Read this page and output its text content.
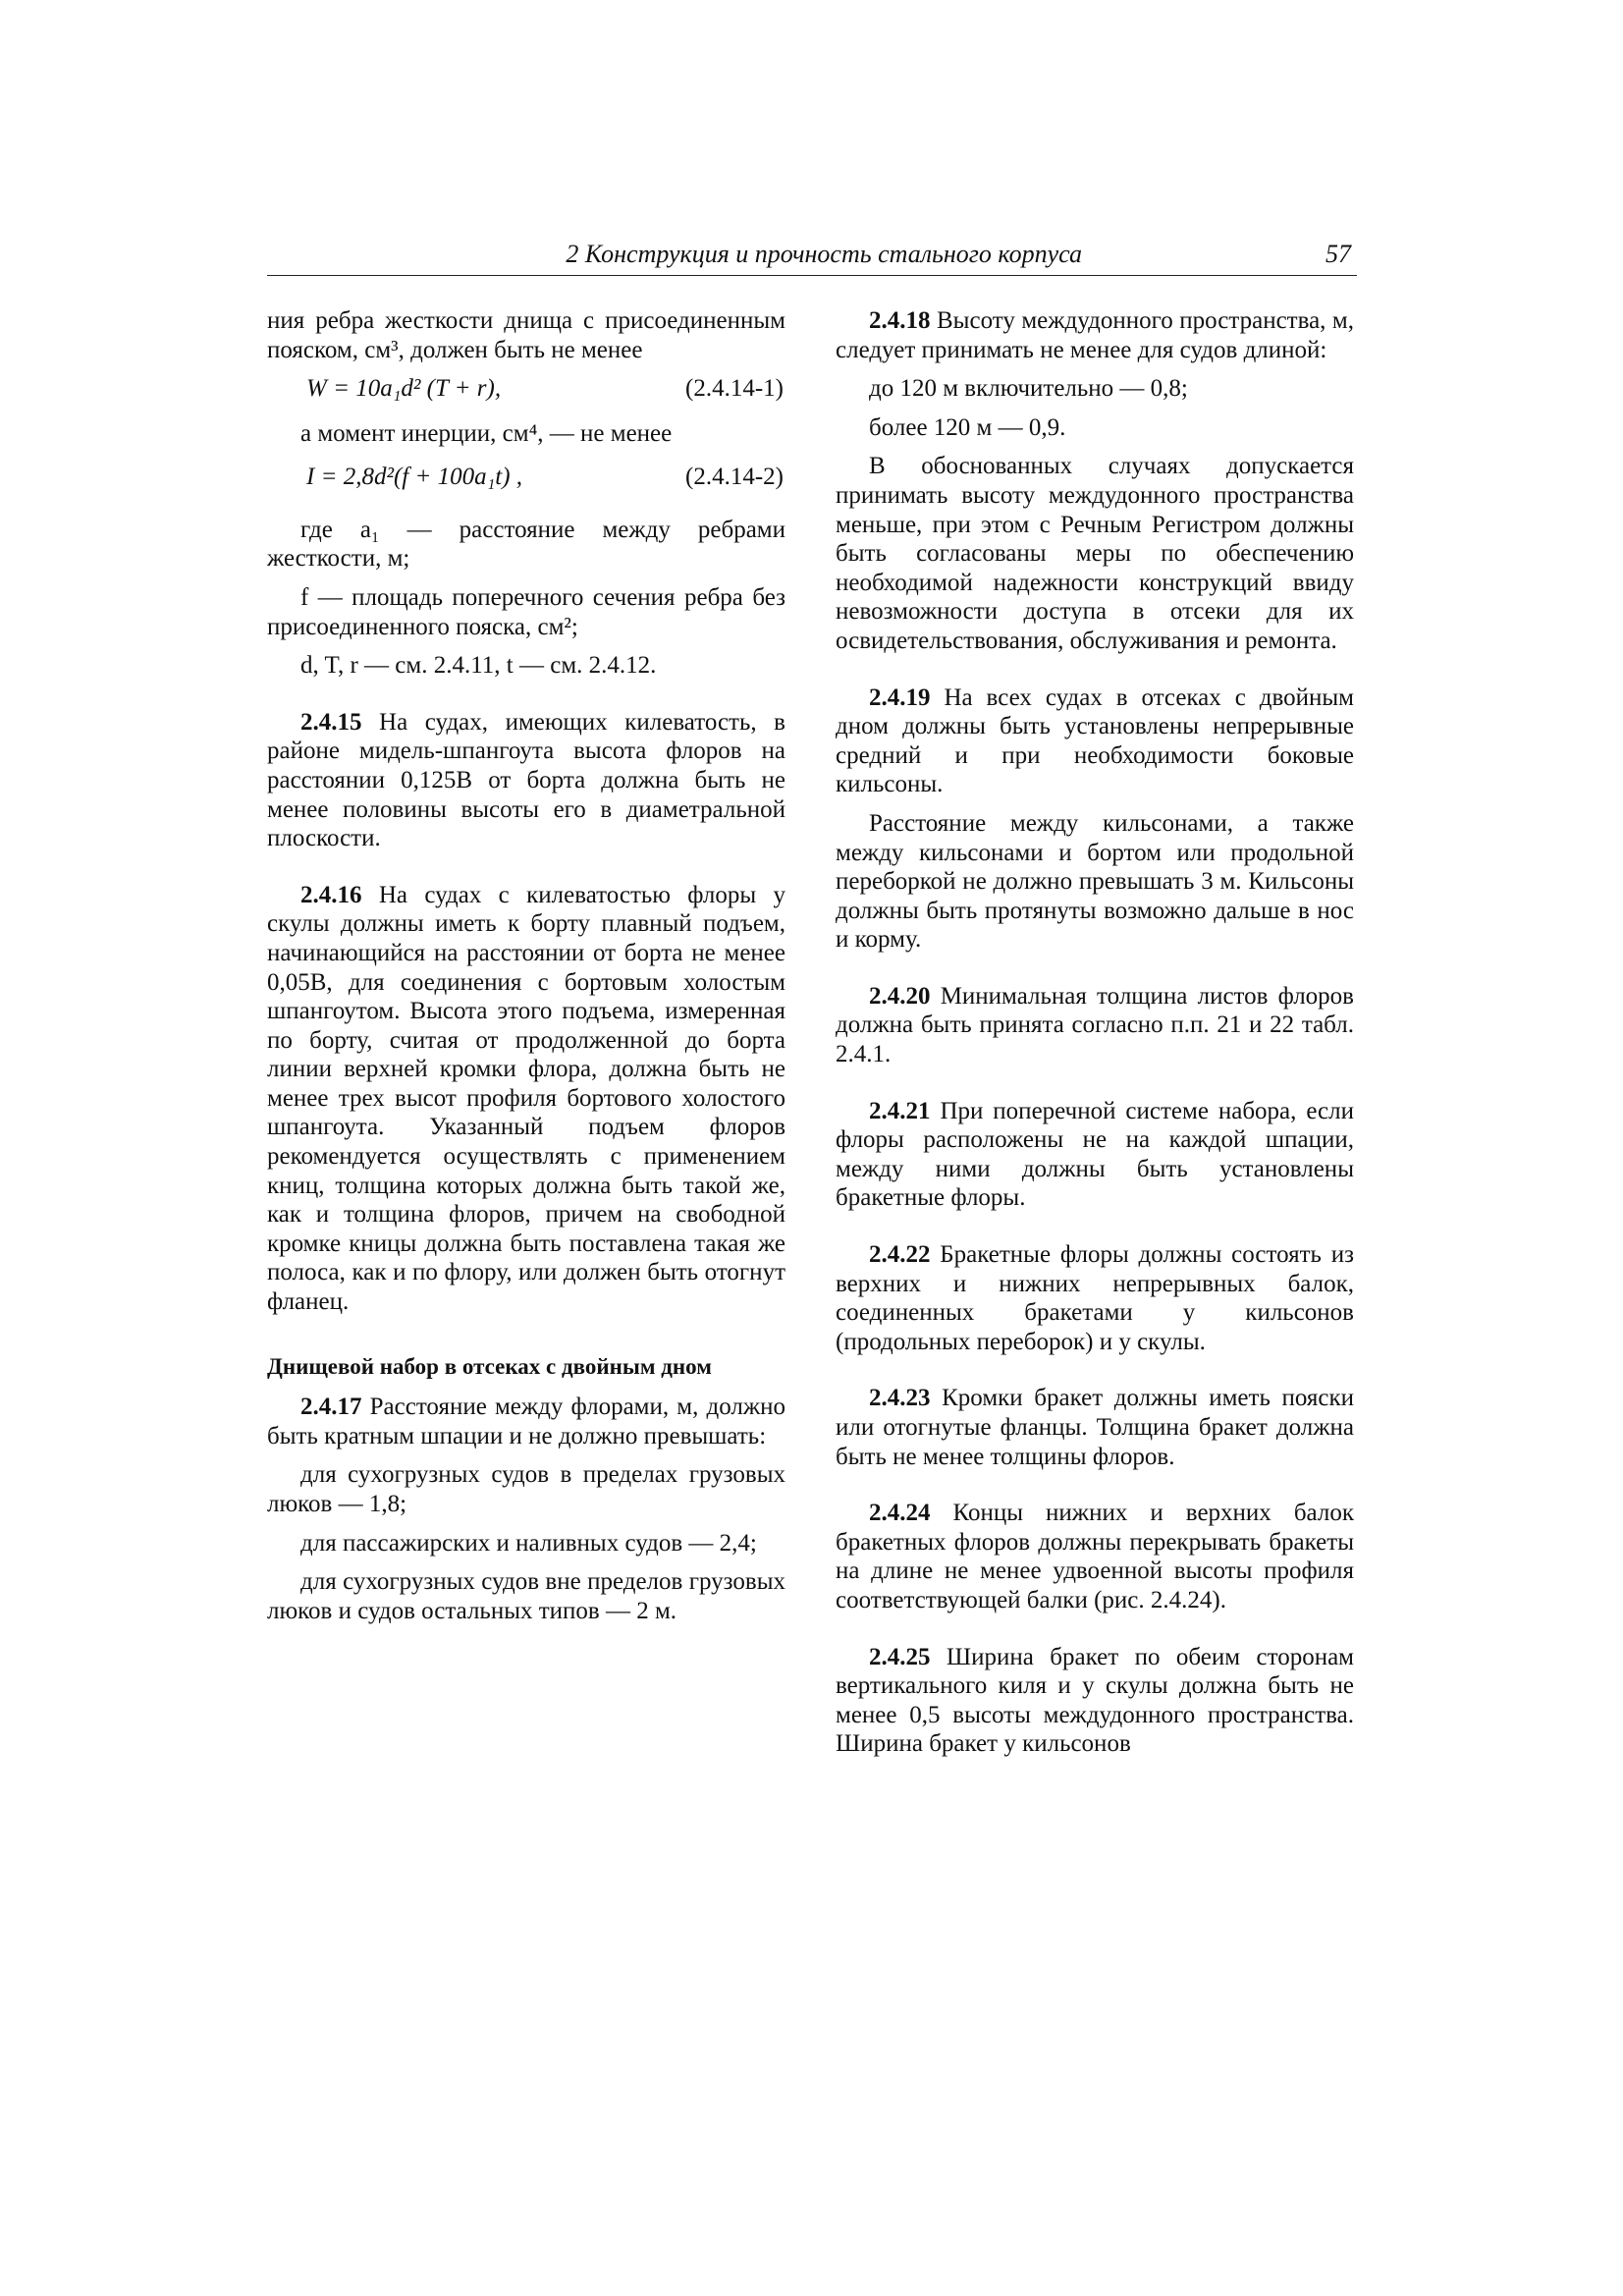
2 Конструкция и прочность стального корпуса	57

ния ребра жесткости днища с присоединенным пояском, см³, должен быть не менее

W = 10a₁d² (T + r),	(2.4.14-1)

а момент инерции, см⁴, — не менее

I = 2,8d²(f + 100a₁t) ,	(2.4.14-2)

где a₁ — расстояние между ребрами жесткости, м;

f — площадь поперечного сечения ребра без присоединенного пояска, см²;

d, T, r — см. 2.4.11, t — см. 2.4.12.

2.4.15 На судах, имеющих килеватость, в районе мидель-шпангоута высота флоров на расстоянии 0,125B от борта должна быть не менее половины высоты его в диаметральной плоскости.

2.4.16 На судах с килеватостью флоры у скулы должны иметь к борту плавный подъем, начинающийся на расстоянии от борта не менее 0,05B, для соединения с бортовым холостым шпангоутом. Высота этого подъема, измеренная по борту, считая от продолженной до борта линии верхней кромки флора, должна быть не менее трех высот профиля бортового холостого шпангоута. Указанный подъем флоров рекомендуется осуществлять с применением книц, толщина которых должна быть такой же, как и толщина флоров, причем на свободной кромке кницы должна быть поставлена такая же полоса, как и по флору, или должен быть отогнут фланец.

Днищевой набор в отсеках с двойным дном

2.4.17 Расстояние между флорами, м, должно быть кратным шпации и не должно превышать:

для сухогрузных судов в пределах грузовых люков — 1,8;

для пассажирских и наливных судов — 2,4;

для сухогрузных судов вне пределов грузовых люков и судов остальных типов — 2 м.

2.4.18 Высоту междудонного пространства, м, следует принимать не менее для судов длиной:

до 120 м включительно — 0,8;

более 120 м — 0,9.

В обоснованных случаях допускается принимать высоту междудонного пространства меньше, при этом с Речным Регистром должны быть согласованы меры по обеспечению необходимой надежности конструкций ввиду невозможности доступа в отсеки для их освидетельствования, обслуживания и ремонта.

2.4.19 На всех судах в отсеках с двойным дном должны быть установлены непрерывные средний и при необходимости боковые кильсоны.

Расстояние между кильсонами, а также между кильсонами и бортом или продольной переборкой не должно превышать 3 м. Кильсоны должны быть протянуты возможно дальше в нос и корму.

2.4.20 Минимальная толщина листов флоров должна быть принята согласно п.п. 21 и 22 табл. 2.4.1.

2.4.21 При поперечной системе набора, если флоры расположены не на каждой шпации, между ними должны быть установлены бракетные флоры.

2.4.22 Бракетные флоры должны состоять из верхних и нижних непрерывных балок, соединенных бракетами у кильсонов (продольных переборок) и у скулы.

2.4.23 Кромки бракет должны иметь пояски или отогнутые фланцы. Толщина бракет должна быть не менее толщины флоров.

2.4.24 Концы нижних и верхних балок бракетных флоров должны перекрывать бракеты на длине не менее удвоенной высоты профиля соответствующей балки (рис. 2.4.24).

2.4.25 Ширина бракет по обеим сторонам вертикального киля и у скулы должна быть не менее 0,5 высоты междудонного пространства. Ширина бракет у кильсонов
